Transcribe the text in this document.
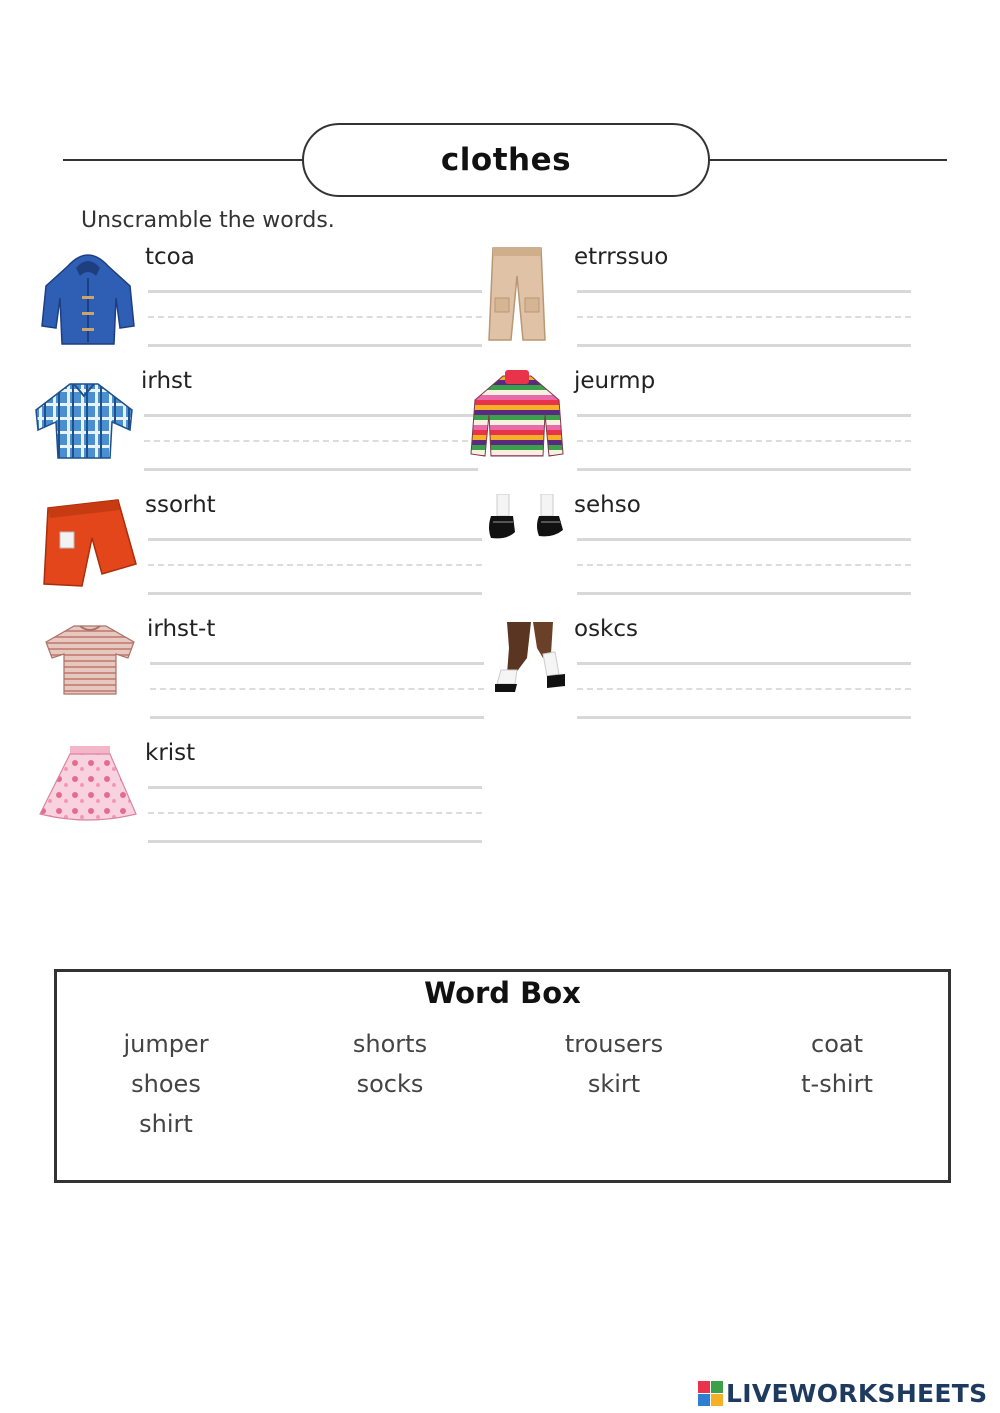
clothes
Unscramble the words.
tcoa	etrrssuo
irhst	jeurmp
ssorht	sehso
irhst-t	oskcs
krist
Word Box
jumper	shorts	trousers	coat
shoes	socks	skirt	t-shirt
shirt
LIVEWORKSHEETS
